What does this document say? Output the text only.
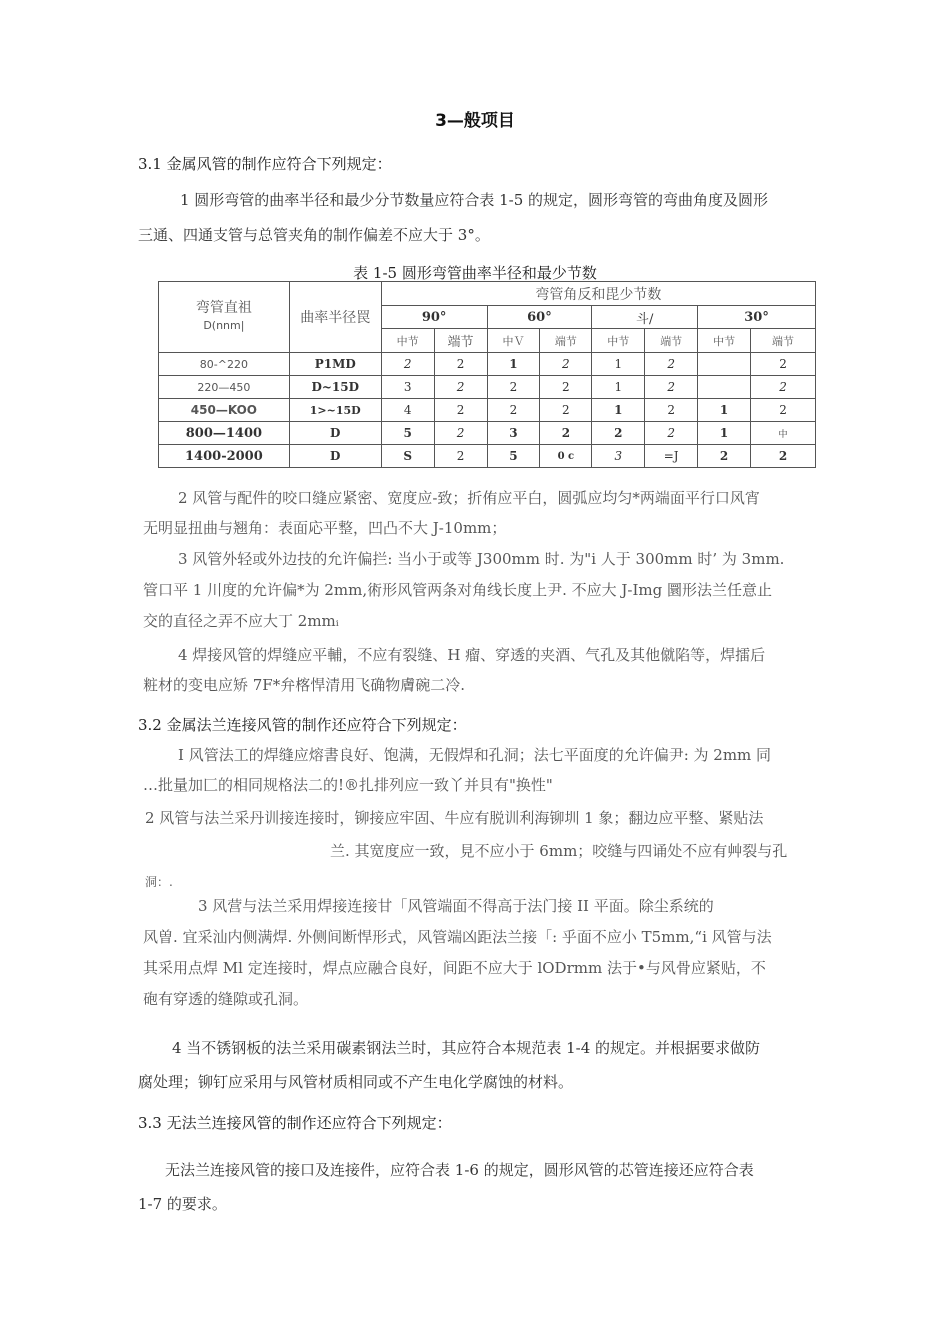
3—般项目
3.1 金属风管的制作应符合下列规定：
1 圆形弯管的曲率半径和最少分节数量应符合表 1-5 的规定，圆形弯管的弯曲角度及圆形
三通、四通支管与总管夹角的制作偏差不应大于 3°。
表 1-5 圆形弯管曲率半径和最少节数
弯管直祖
D(nnm|	曲率半径罠	弯管角反和毘少节数							
		90°		60°		斗/		30°	
		中节	端节	中Ｖ	端节	中节	端节	中节	端节
80-^220	P1MD	2	2	1	2	1	2		2
220—450	D~15D	3	2	2	2	1	2		2
450—KOO	1>~15D	4	2	2	2	1	2	1	2
800—1400	D	5	2	3	2	2	2	1	中
1400-2000	D	S	2	5	0 c	3	=J	2	2
2 风管与配件的咬口缝应紧密、宽度应-致；折侑应平白，圆弧应均匀*两端面平行口风宵
无明显扭曲与翘角：表面応平整，凹凸不大 J-10mm；
3 风管外轻或外边技的允许偏拦: 当小于或等 J300mm 时. 为"i 人于 300mm 时’ 为 3mm.
管口平 1 川度的允许偏*为 2mm,術形风管两条对角线长度上尹. 不应大 J-Img 圜形法兰任意止
交的直径之弄不应大丁 2mmᵢ
4 焊接风管的焊缝应平輔，不应有裂缝、H 瘤、穿透的夹酒、气孔及其他僦陷等，焊擂后
粧材的变电应矫 7F*弁楁悍清用飞确物膚碗二冷.
3.2 金属法兰连接风管的制作还应符合下列规定：
I 风管法工的焊缝应熔書良好、饱满，无假焊和孔洞；法七平面度的允许偏尹: 为 2mm 同
…批量加匚的相同规格法二的!®扎排列应一致丫并貝有"换性"
2 风管与法兰采丹训接连接时，铆接应牢固、牛应有脱训利海铆圳 1 象；翻边应平整、紧贴法
兰. 其宽度应一致，見不应小于 6mm；咬缝与四诵处不应有艸裂与孔
洞：.
3 风营与法兰采用焊接连接甘「风管端面不得高于法门接 II 平面。除尘系统的
风曽. 宜采汕内侧满焊. 外侧间断悍形式，风管端凶距法兰接「: 乎面不应小 T5mm,“i 风管与法
其采用点焊 Ml 定连接时，焊点应融合良好，间距不应大于 lODrmm 法于•与风骨应紧贴，不
砲有穿透的缝隙或孔洞。
4 当不锈钢板的法兰采用碳素钢法兰时，其应符合本规范表 1-4 的规定。并根据要求做防
腐处理；铆钉应采用与风管材质相同或不产生电化学腐蚀的材料。
3.3 无法兰连接风管的制作还应符合下列规定：
无法兰连接风管的接口及连接件，应符合表 1-6 的规定，圆形风管的芯管连接还应符合表
1-7 的要求。
